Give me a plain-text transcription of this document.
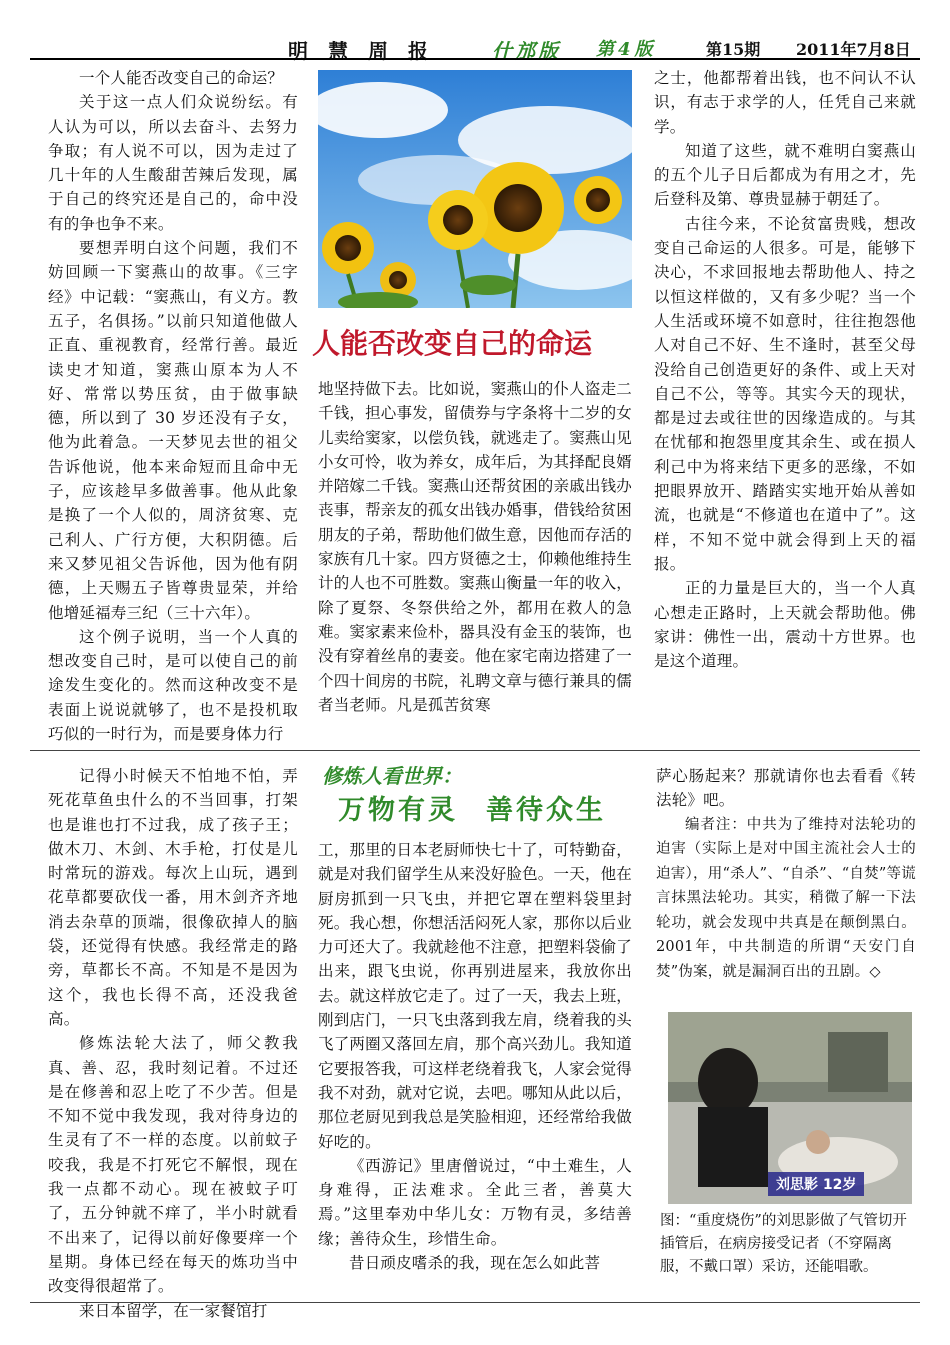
明慧周报 什邡版 第4版	第15期 2011年7月8日

一个人能否改变自己的命运？

关于这一点人们众说纷纭。有人认为可以，所以去奋斗、去努力争取；有人说不可以，因为走过了几十年的人生酸甜苦辣后发现，属于自己的终究还是自己的，命中没有的争也争不来。

要想弄明白这个问题，我们不妨回顾一下窦燕山的故事。《三字经》中记载：“窦燕山，有义方。教五子，名俱扬。”以前只知道他做人正直、重视教育，经常行善。最近读史才知道，窦燕山原本为人不好、常常以势压贫，由于做事缺德，所以到了 30 岁还没有子女，他为此着急。一天梦见去世的祖父告诉他说，他本来命短而且命中无子，应该趁早多做善事。他从此象是换了一个人似的，周济贫寒、克己利人、广行方便，大积阴德。后来又梦见祖父告诉他，因为他有阴德，上天赐五子皆尊贵显荣，并给他增延福寿三纪（三十六年）。

这个例子说明，当一个人真的想改变自己时，是可以使自己的前途发生变化的。然而这种改变不是表面上说说就够了，也不是投机取巧似的一时行为，而是要身体力行

人能否改变自己的命运

地坚持做下去。比如说，窦燕山的仆人盗走二千钱，担心事发，留债券与字条将十二岁的女儿卖给窦家，以偿负钱，就逃走了。窦燕山见小女可怜，收为养女，成年后，为其择配良婿并陪嫁二千钱。窦燕山还帮贫困的亲戚出钱办丧事，帮亲友的孤女出钱办婚事，借钱给贫困朋友的子弟，帮助他们做生意，因他而存活的家族有几十家。四方贤德之士，仰赖他维持生计的人也不可胜数。窦燕山衡量一年的收入，除了夏祭、冬祭供给之外，都用在救人的急难。窦家素来俭朴，器具没有金玉的装饰，也没有穿着丝帛的妻妾。他在家宅南边搭建了一个四十间房的书院，礼聘文章与德行兼具的儒者当老师。凡是孤苦贫寒

之士，他都帮着出钱，也不问认不认识，有志于求学的人，任凭自己来就学。

知道了这些，就不难明白窦燕山的五个儿子日后都成为有用之才，先后登科及第、尊贵显赫于朝廷了。

古往今来，不论贫富贵贱，想改变自己命运的人很多。可是，能够下决心，不求回报地去帮助他人、持之以恒这样做的，又有多少呢？当一个人生活或环境不如意时，往往抱怨他人对自己不好、生不逢时，甚至父母没给自己创造更好的条件、或上天对自己不公，等等。其实今天的现状，都是过去或往世的因缘造成的。与其在忧郁和抱怨里度其余生、或在损人利己中为将来结下更多的恶缘，不如把眼界放开、踏踏实实地开始从善如流，也就是“不修道也在道中了”。这样，不知不觉中就会得到上天的福报。

正的力量是巨大的，当一个人真心想走正路时，上天就会帮助他。佛家讲：佛性一出，震动十方世界。也是这个道理。

修炼人看世界：
万物有灵 善待众生

记得小时候天不怕地不怕，弄死花草鱼虫什么的不当回事，打架也是谁也打不过我，成了孩子王；做木刀、木剑、木手枪，打仗是儿时常玩的游戏。每次上山玩，遇到花草都要砍伐一番，用木剑齐齐地消去杂草的顶端，很像砍掉人的脑袋，还觉得有快感。我经常走的路旁，草都长不高。不知是不是因为这个，我也长得不高，还没我爸高。

修炼法轮大法了，师父教我真、善、忍，我时刻记着。不过还是在修善和忍上吃了不少苦。但是不知不觉中我发现，我对待身边的生灵有了不一样的态度。以前蚊子咬我，我是不打死它不解恨，现在我一点都不动心。现在被蚊子叮了，五分钟就不痒了，半小时就看不出来了，记得以前好像要痒一个星期。身体已经在每天的炼功当中改变得很超常了。

来日本留学，在一家餐馆打

工，那里的日本老厨师快七十了，可特勤奋，就是对我们留学生从来没好脸色。一天，他在厨房抓到一只飞虫，并把它罩在塑料袋里封死。我心想，你想活活闷死人家，那你以后业力可还大了。我就趁他不注意，把塑料袋偷了出来，跟飞虫说，你再别进屋来，我放你出去。就这样放它走了。过了一天，我去上班，刚到店门，一只飞虫落到我左肩，绕着我的头飞了两圈又落回左肩，那个高兴劲儿。我知道它要报答我，可这样老绕着我飞，人家会觉得我不对劲，就对它说，去吧。哪知从此以后，那位老厨见到我总是笑脸相迎，还经常给我做好吃的。

《西游记》里唐僧说过，“中土难生，人身难得，正法难求。全此三者，善莫大焉。”这里奉劝中华儿女：万物有灵，多结善缘；善待众生，珍惜生命。

昔日顽皮嗜杀的我，现在怎么如此菩

萨心肠起来？那就请你也去看看《转法轮》吧。

编者注：中共为了维持对法轮功的迫害（实际上是对中国主流社会人士的迫害），用“杀人”、“自杀”、“自焚”等谎言抹黑法轮功。其实，稍微了解一下法轮功，就会发现中共真是在颠倒黑白。2001年，中共制造的所谓“天安门自焚”伪案，就是漏洞百出的丑剧。◇

刘思影 12岁

图：“重度烧伤”的刘思影做了气管切开插管后，在病房接受记者（不穿隔离服，不戴口罩）采访，还能唱歌。
